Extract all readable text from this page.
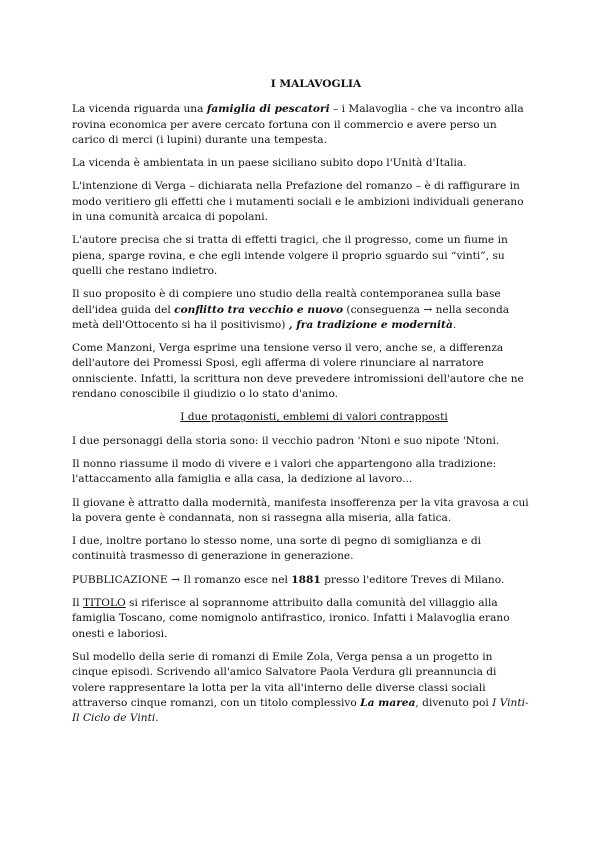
I MALAVOGLIA

La vicenda riguarda una famiglia di pescatori – i Malavoglia - che va incontro alla rovina economica per avere cercato fortuna con il commercio e avere perso un carico di merci (i lupini) durante una tempesta.

La vicenda è ambientata in un paese siciliano subito dopo l'Unità d'Italia.

L'intenzione di Verga – dichiarata nella Prefazione del romanzo – è di raffigurare in modo veritiero gli effetti che i mutamenti sociali e le ambizioni individuali generano in una comunità arcaica di popolani.

L'autore precisa che si tratta di effetti tragici, che il progresso, come un fiume in piena, sparge rovina, e che egli intende volgere il proprio sguardo sui “vinti”, su quelli che restano indietro.

Il suo proposito è di compiere uno studio della realtà contemporanea sulla base dell'idea guida del conflitto tra vecchio e nuovo (conseguenza → nella seconda metà dell'Ottocento si ha il positivismo) , fra tradizione e modernità.

Come Manzoni, Verga esprime una tensione verso il vero, anche se, a differenza dell'autore dei Promessi Sposi, egli afferma di volere rinunciare al narratore onnisciente. Infatti, la scrittura non deve prevedere intromissioni dell'autore che ne rendano conoscibile il giudizio o lo stato d'animo.

I due protagonisti, emblemi di valori contrapposti

I due personaggi della storia sono: il vecchio padron 'Ntoni e suo nipote 'Ntoni.

Il nonno riassume il modo di vivere e i valori che appartengono alla tradizione: l'attaccamento alla famiglia e alla casa, la dedizione al lavoro...

Il giovane è attratto dalla modernità, manifesta insofferenza per la vita gravosa a cui la povera gente è condannata, non si rassegna alla miseria, alla fatica.

I due, inoltre portano lo stesso nome, una sorte di pegno di somiglianza e di continuità trasmesso di generazione in generazione.

PUBBLICAZIONE → Il romanzo esce nel 1881 presso l'editore Treves di Milano.

Il TITOLO si riferisce al soprannome attribuito dalla comunità del villaggio alla famiglia Toscano, come nomignolo antifrastico, ironico. Infatti i Malavoglia erano onesti e laboriosi.

Sul modello della serie di romanzi di Emile Zola, Verga pensa a un progetto in cinque episodi. Scrivendo all'amico Salvatore Paola Verdura gli preannuncia di volere rappresentare la lotta per la vita all'interno delle diverse classi sociali attraverso cinque romanzi, con un titolo complessivo La marea, divenuto poi I Vinti-Il Ciclo de Vinti.
